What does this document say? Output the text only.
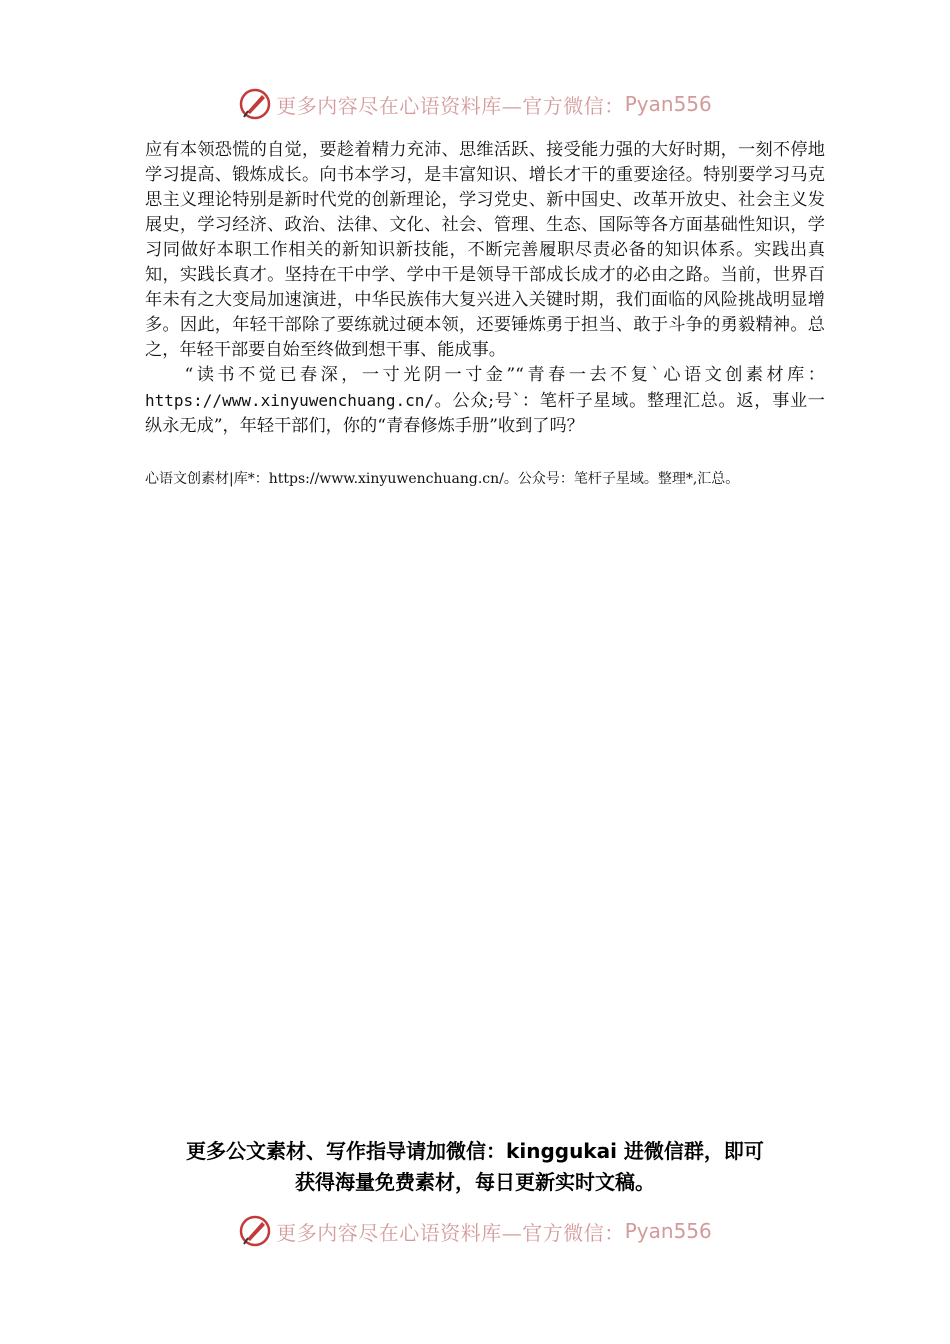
更多内容尽在心语资料库—官方微信： Pyan556

应有本领恐慌的自觉，要趁着精力充沛、思维活跃、接受能力强的大好时期，一刻不停地学习提高、锻炼成长。向书本学习，是丰富知识、增长才干的重要途径。特别要学习马克思主义理论特别是新时代党的创新理论，学习党史、新中国史、改革开放史、社会主义发展史，学习经济、政治、法律、文化、社会、管理、生态、国际等各方面基础性知识，学习同做好本职工作相关的新知识新技能，不断完善履职尽责必备的知识体系。实践出真知，实践长真才。坚持在干中学、学中干是领导干部成长成才的必由之路。当前，世界百年未有之大变局加速演进，中华民族伟大复兴进入关键时期，我们面临的风险挑战明显增多。因此，年轻干部除了要练就过硬本领，还要锤炼勇于担当、敢于斗争的勇毅精神。总之，年轻干部要自始至终做到想干事、能成事。

“读书不觉已春深，一寸光阴一寸金”“青春一去不复`心语文创素材库：https://www.xinyuwenchuang.cn/。公众;号`：笔杆子星域。整理汇总。返，事业一纵永无成”，年轻干部们，你的“青春修炼手册”收到了吗？

心语文创素材|库*：https://www.xinyuwenchuang.cn/。公众号：笔杆子星域。整理*,汇总。
更多公文素材、写作指导请加微信：kinggukai 进微信群，即可
获得海量免费素材，每日更新实时文稿。
更多内容尽在心语资料库—官方微信： Pyan556
